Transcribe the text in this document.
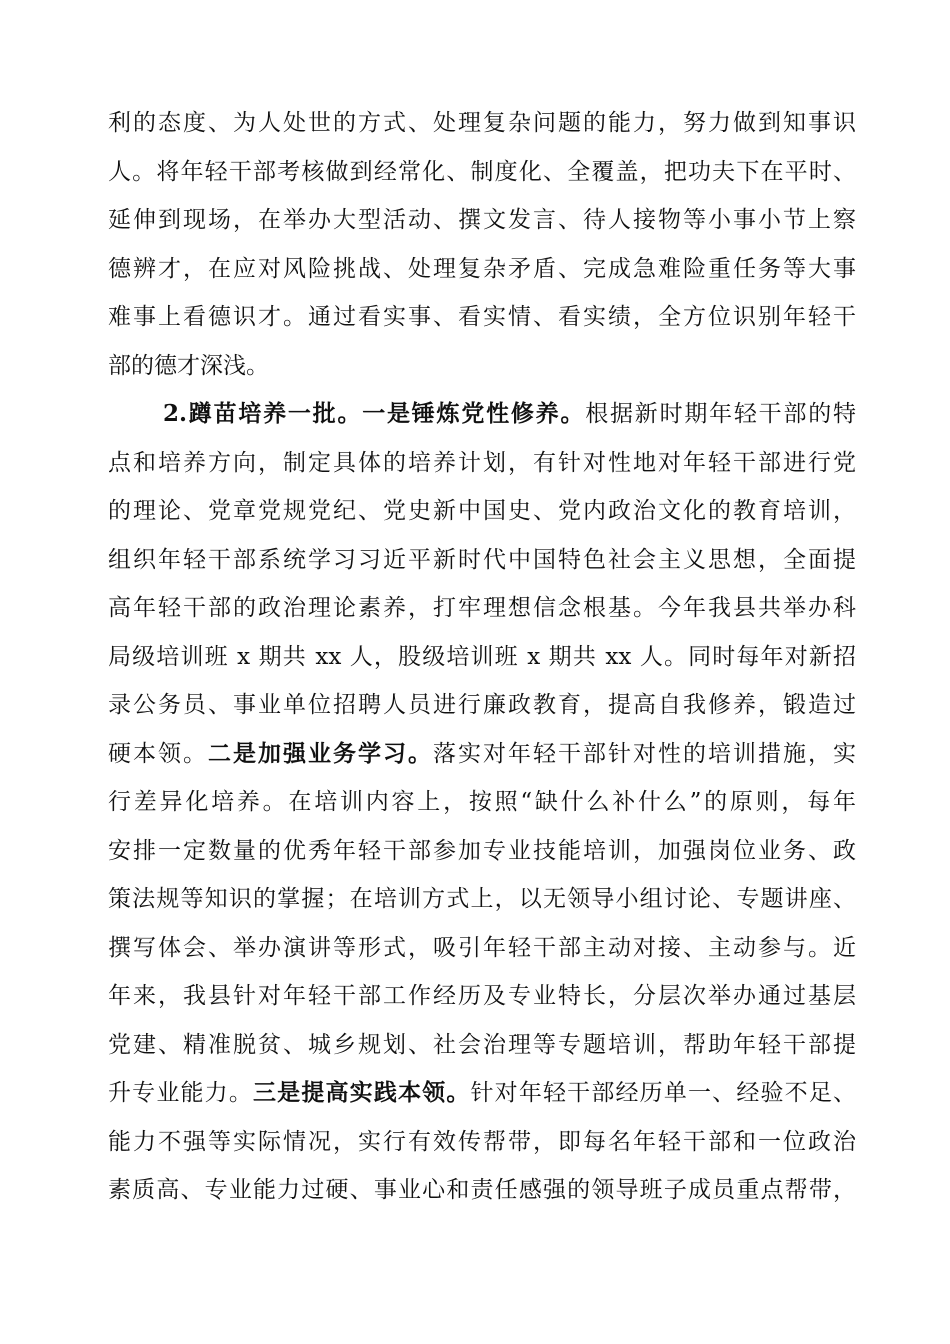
利的态度、为人处世的方式、处理复杂问题的能力，努力做到知事识
人。将年轻干部考核做到经常化、制度化、全覆盖，把功夫下在平时、
延伸到现场，在举办大型活动、撰文发言、待人接物等小事小节上察
德辨才，在应对风险挑战、处理复杂矛盾、完成急难险重任务等大事
难事上看德识才。通过看实事、看实情、看实绩，全方位识别年轻干
部的德才深浅。
2.蹲苗培养一批。一是锤炼党性修养。根据新时期年轻干部的特
点和培养方向，制定具体的培养计划，有针对性地对年轻干部进行党
的理论、党章党规党纪、党史新中国史、党内政治文化的教育培训，
组织年轻干部系统学习习近平新时代中国特色社会主义思想，全面提
高年轻干部的政治理论素养，打牢理想信念根基。今年我县共举办科
局级培训班 x 期共 xx 人，股级培训班 x 期共 xx 人。同时每年对新招
录公务员、事业单位招聘人员进行廉政教育，提高自我修养，锻造过
硬本领。二是加强业务学习。落实对年轻干部针对性的培训措施，实
行差异化培养。在培训内容上，按照“缺什么补什么”的原则，每年
安排一定数量的优秀年轻干部参加专业技能培训，加强岗位业务、政
策法规等知识的掌握；在培训方式上，以无领导小组讨论、专题讲座、
撰写体会、举办演讲等形式，吸引年轻干部主动对接、主动参与。近
年来，我县针对年轻干部工作经历及专业特长，分层次举办通过基层
党建、精准脱贫、城乡规划、社会治理等专题培训，帮助年轻干部提
升专业能力。三是提高实践本领。针对年轻干部经历单一、经验不足、
能力不强等实际情况，实行有效传帮带，即每名年轻干部和一位政治
素质高、专业能力过硬、事业心和责任感强的领导班子成员重点帮带，
